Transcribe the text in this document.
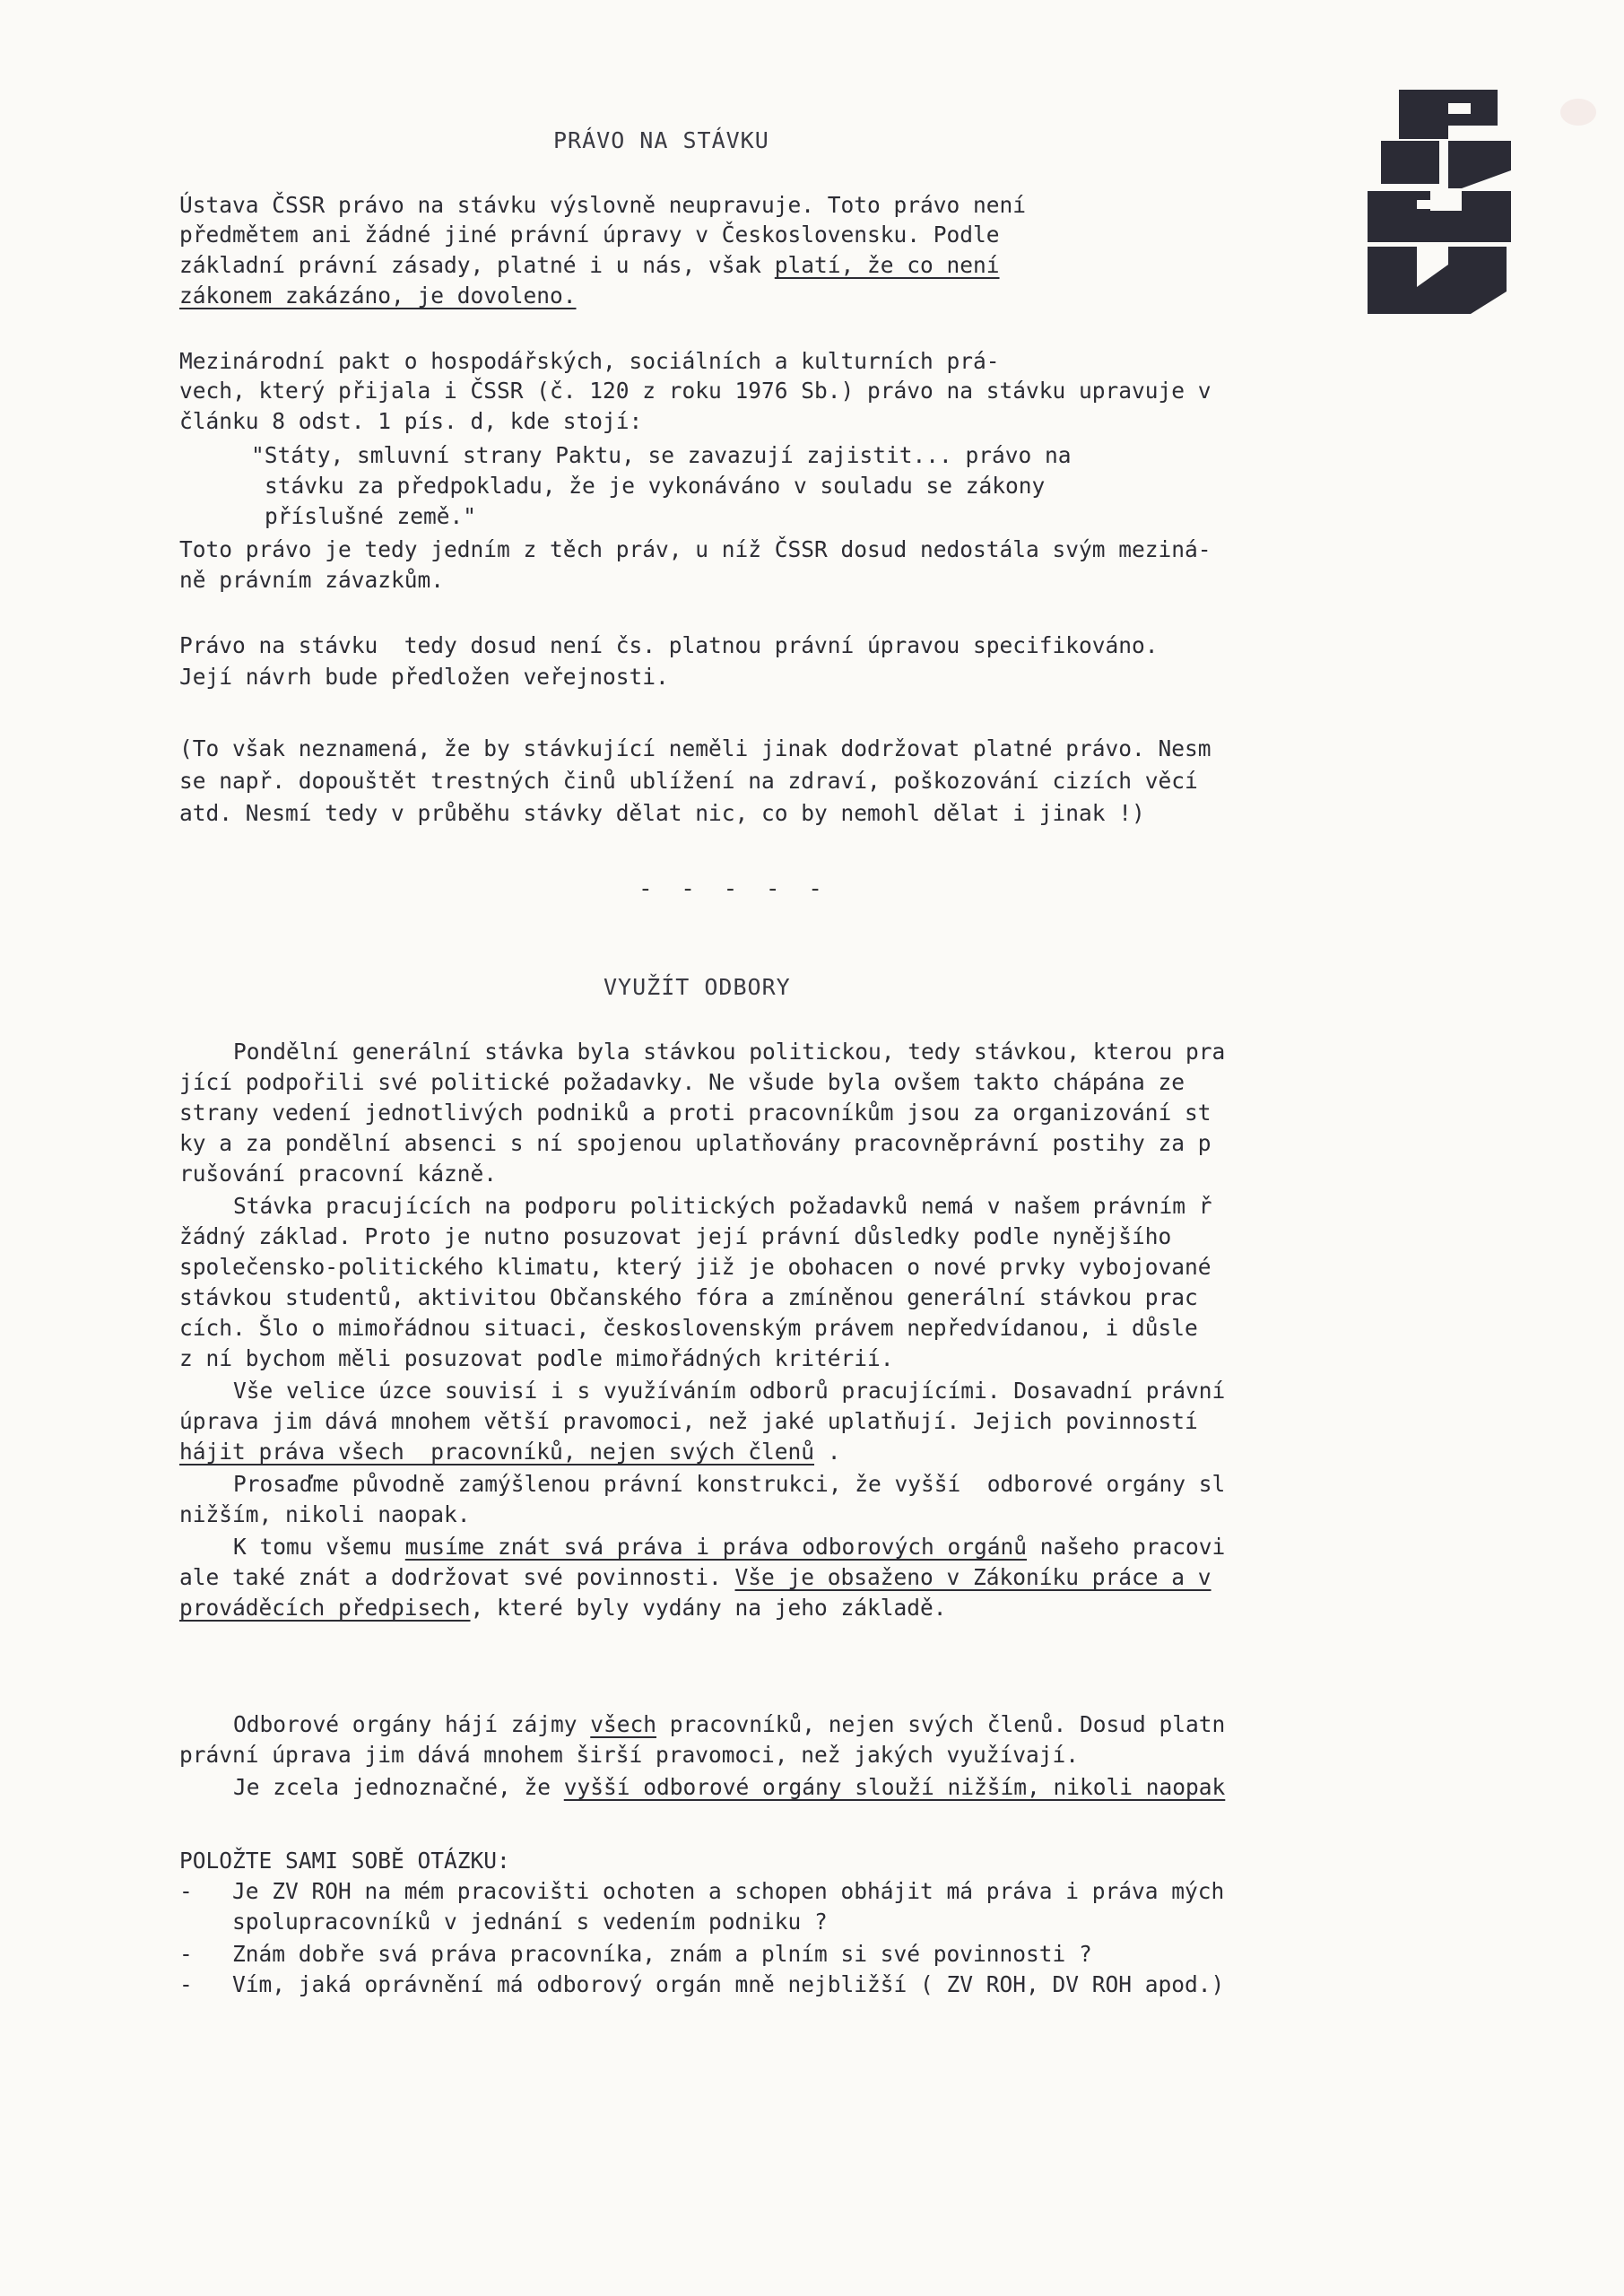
PRÁVO NA STÁVKU
Ústava ČSSR právo na stávku výslovně neupravuje. Toto právo není
předmětem ani žádné jiné právní úpravy v Československu. Podle
základní právní zásady, platné i u nás, však platí, že co není
zákonem zakázáno, je dovoleno.
Mezinárodní pakt o hospodářských, sociálních a kulturních prá-
vech, který přijala i ČSSR (č. 120 z roku 1976 Sb.) právo na stávku upravuje v
článku 8 odst. 1 pís. d, kde stojí:
"Státy, smluvní strany Paktu, se zavazují zajistit... právo na
stávku za předpokladu, že je vykonáváno v souladu se zákony
příslušné země."
Toto právo je tedy jedním z těch práv, u níž ČSSR dosud nedostála svým meziná-
ně právním závazkům.
Právo na stávku  tedy dosud není čs. platnou právní úpravou specifikováno.
Její návrh bude předložen veřejnosti.
(To však neznamená, že by stávkující neměli jinak dodržovat platné právo. Nesm
se např. dopouštět trestných činů ublížení na zdraví, poškozování cizích věcí
atd. Nesmí tedy v průběhu stávky dělat nic, co by nemohl dělat i jinak !)
- - - - -
VYUŽÍT ODBORY
Pondělní generální stávka byla stávkou politickou, tedy stávkou, kterou pra
jící podpořili své politické požadavky. Ne všude byla ovšem takto chápána ze
strany vedení jednotlivých podniků a proti pracovníkům jsou za organizování st
ky a za pondělní absenci s ní spojenou uplatňovány pracovněprávní postihy za p
rušování pracovní kázně.
Stávka pracujících na podporu politických požadavků nemá v našem právním ř
žádný základ. Proto je nutno posuzovat její právní důsledky podle nynějšího
společensko-politického klimatu, který již je obohacen o nové prvky vybojované
stávkou studentů, aktivitou Občanského fóra a zmíněnou generální stávkou prac
cích. Šlo o mimořádnou situaci, československým právem nepředvídanou, i důsle
z ní bychom měli posuzovat podle mimořádných kritérií.
Vše velice úzce souvisí i s využíváním odborů pracujícími. Dosavadní právní
úprava jim dává mnohem větší pravomoci, než jaké uplatňují. Jejich povinností
hájit práva všech  pracovníků, nejen svých členů .
Prosaďme původně zamýšlenou právní konstrukci, že vyšší  odborové orgány sl
nižším, nikoli naopak.
K tomu všemu musíme znát svá práva i práva odborových orgánů našeho pracovi
ale také znát a dodržovat své povinnosti. Vše je obsaženo v Zákoníku práce a v
prováděcích předpisech, které byly vydány na jeho základě.
Odborové orgány hájí zájmy všech pracovníků, nejen svých členů. Dosud platn
právní úprava jim dává mnohem širší pravomoci, než jakých využívají.
Je zcela jednoznačné, že vyšší odborové orgány slouží nižším, nikoli naopak
POLOŽTE SAMI SOBĚ OTÁZKU:
-   Je ZV ROH na mém pracovišti ochoten a schopen obhájit má práva i práva mých
spolupracovníků v jednání s vedením podniku ?
-   Znám dobře svá práva pracovníka, znám a plním si své povinnosti ?
-   Vím, jaká oprávnění má odborový orgán mně nejbližší ( ZV ROH, DV ROH apod.)
